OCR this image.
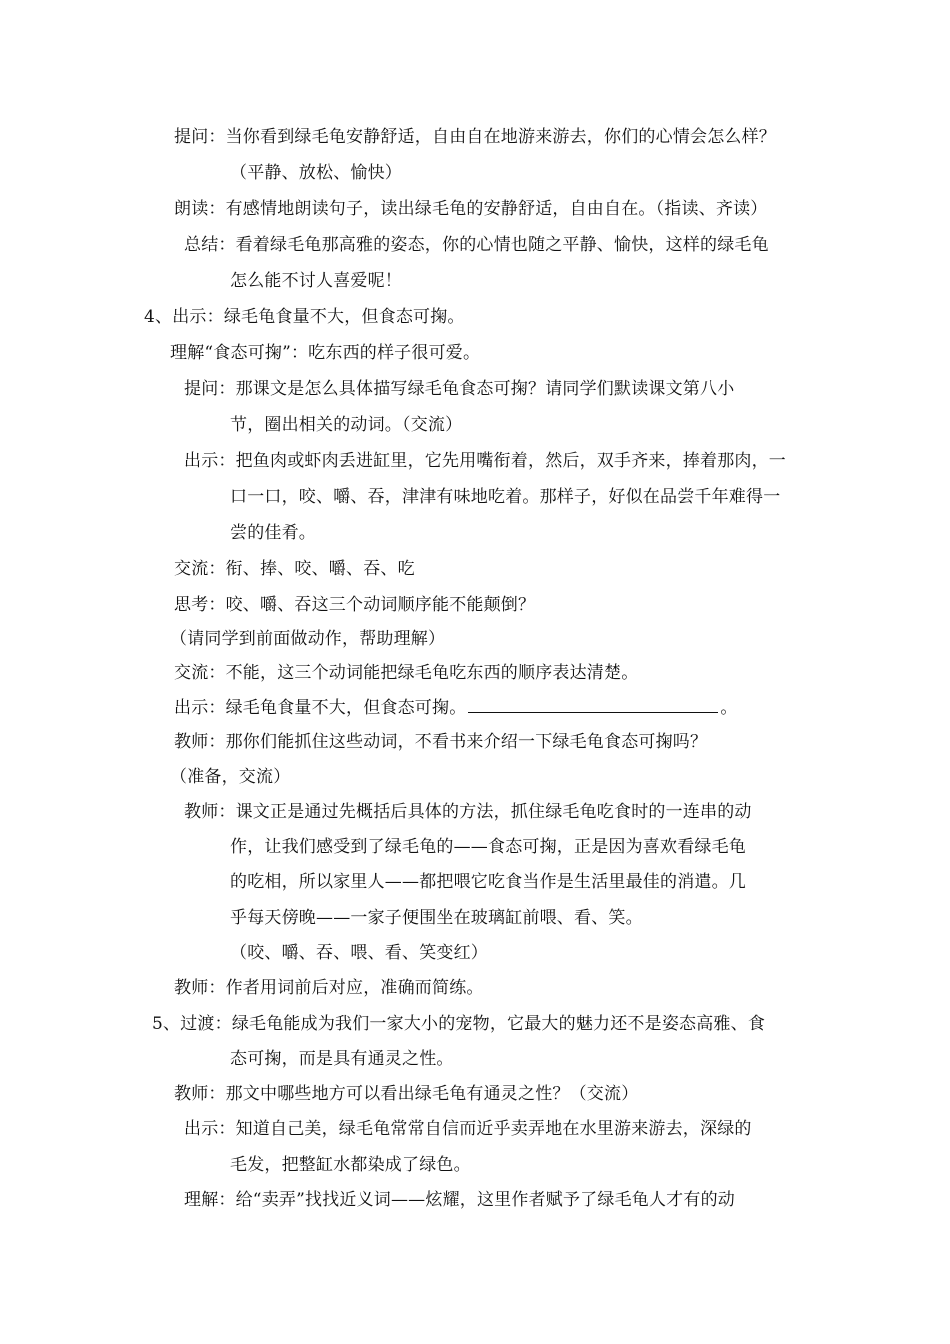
提问：当你看到绿毛龟安静舒适，自由自在地游来游去，你们的心情会怎么样？
（平静、放松、愉快）
朗读：有感情地朗读句子，读出绿毛龟的安静舒适，自由自在。（指读、齐读）
总结：看着绿毛龟那高雅的姿态，你的心情也随之平静、愉快，这样的绿毛龟
怎么能不讨人喜爱呢！
4、出示：绿毛龟食量不大，但食态可掬。
理解“食态可掬”：吃东西的样子很可爱。
提问：那课文是怎么具体描写绿毛龟食态可掬？请同学们默读课文第八小
节，圈出相关的动词。（交流）
出示：把鱼肉或虾肉丢进缸里，它先用嘴衔着，然后，双手齐来，捧着那肉，一
口一口，咬、嚼、吞，津津有味地吃着。那样子，好似在品尝千年难得一
尝的佳肴。
交流：衔、捧、咬、嚼、吞、吃
思考：咬、嚼、吞这三个动词顺序能不能颠倒？
（请同学到前面做动作，帮助理解）
交流：不能，这三个动词能把绿毛龟吃东西的顺序表达清楚。
出示：绿毛龟食量不大，但食态可掬。	。
教师：那你们能抓住这些动词，不看书来介绍一下绿毛龟食态可掬吗？
（准备，交流）
教师：课文正是通过先概括后具体的方法，抓住绿毛龟吃食时的一连串的动
作，让我们感受到了绿毛龟的——食态可掬，正是因为喜欢看绿毛龟
的吃相，所以家里人——都把喂它吃食当作是生活里最佳的消遣。几
乎每天傍晚——一家子便围坐在玻璃缸前喂、看、笑。
（咬、嚼、吞、喂、看、笑变红）
教师：作者用词前后对应，准确而简练。
5、过渡：绿毛龟能成为我们一家大小的宠物，它最大的魅力还不是姿态高雅、食
态可掬，而是具有通灵之性。
教师：那文中哪些地方可以看出绿毛龟有通灵之性？（交流）
出示：知道自己美，绿毛龟常常自信而近乎卖弄地在水里游来游去，深绿的
毛发，把整缸水都染成了绿色。
理解：给“卖弄”找找近义词——炫耀，这里作者赋予了绿毛龟人才有的动
